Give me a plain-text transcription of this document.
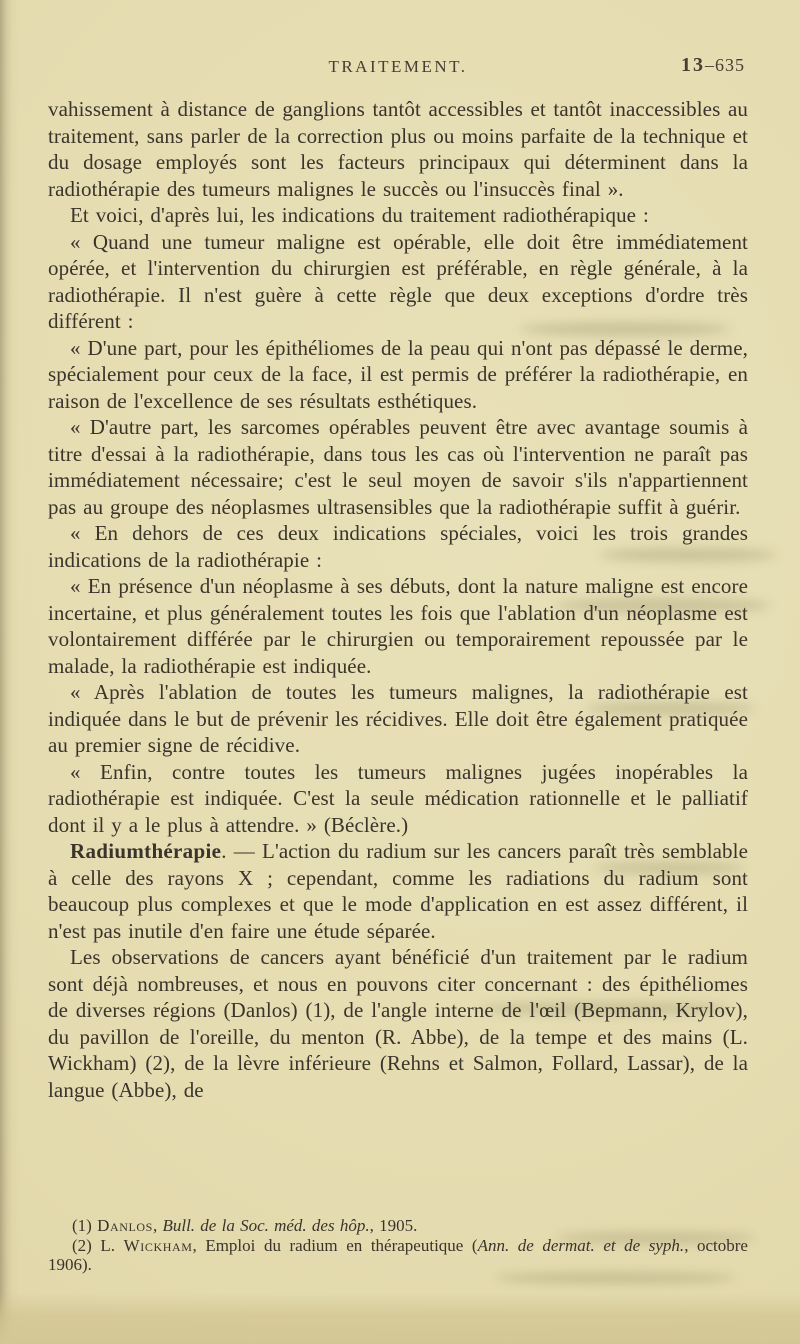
TRAITEMENT.	13–635

vahissement à distance de ganglions tantôt accessibles et tantôt inaccessibles au traitement, sans parler de la correction plus ou moins parfaite de la technique et du dosage employés sont les facteurs principaux qui déterminent dans la radiothérapie des tumeurs malignes le succès ou l'insuccès final ».

Et voici, d'après lui, les indications du traitement radiothérapique :

« Quand une tumeur maligne est opérable, elle doit être immédiatement opérée, et l'intervention du chirurgien est préférable, en règle générale, à la radiothérapie. Il n'est guère à cette règle que deux exceptions d'ordre très différent :

« D'une part, pour les épithéliomes de la peau qui n'ont pas dépassé le derme, spécialement pour ceux de la face, il est permis de préférer la radiothérapie, en raison de l'excellence de ses résultats esthétiques.

« D'autre part, les sarcomes opérables peuvent être avec avantage soumis à titre d'essai à la radiothérapie, dans tous les cas où l'intervention ne paraît pas immédiatement nécessaire; c'est le seul moyen de savoir s'ils n'appartiennent pas au groupe des néoplasmes ultrasensibles que la radiothérapie suffit à guérir.

« En dehors de ces deux indications spéciales, voici les trois grandes indications de la radiothérapie :

« En présence d'un néoplasme à ses débuts, dont la nature maligne est encore incertaine, et plus généralement toutes les fois que l'ablation d'un néoplasme est volontairement différée par le chirurgien ou temporairement repoussée par le malade, la radiothérapie est indiquée.

« Après l'ablation de toutes les tumeurs malignes, la radiothérapie est indiquée dans le but de prévenir les récidives. Elle doit être également pratiquée au premier signe de récidive.

« Enfin, contre toutes les tumeurs malignes jugées inopérables la radiothérapie est indiquée. C'est la seule médication rationnelle et le palliatif dont il y a le plus à attendre. » (Béclère.)

Radiumthérapie. — L'action du radium sur les cancers paraît très semblable à celle des rayons X ; cependant, comme les radiations du radium sont beaucoup plus complexes et que le mode d'application en est assez différent, il n'est pas inutile d'en faire une étude séparée.

Les observations de cancers ayant bénéficié d'un traitement par le radium sont déjà nombreuses, et nous en pouvons citer concernant : des épithéliomes de diverses régions (Danlos) (1), de l'angle interne de l'œil (Bepmann, Krylov), du pavillon de l'oreille, du menton (R. Abbe), de la tempe et des mains (L. Wickham) (2), de la lèvre inférieure (Rehns et Salmon, Follard, Lassar), de la langue (Abbe), de

(1) Danlos, Bull. de la Soc. méd. des hôp., 1905.

(2) L. Wickham, Emploi du radium en thérapeutique (Ann. de dermat. et de syph., octobre 1906).
